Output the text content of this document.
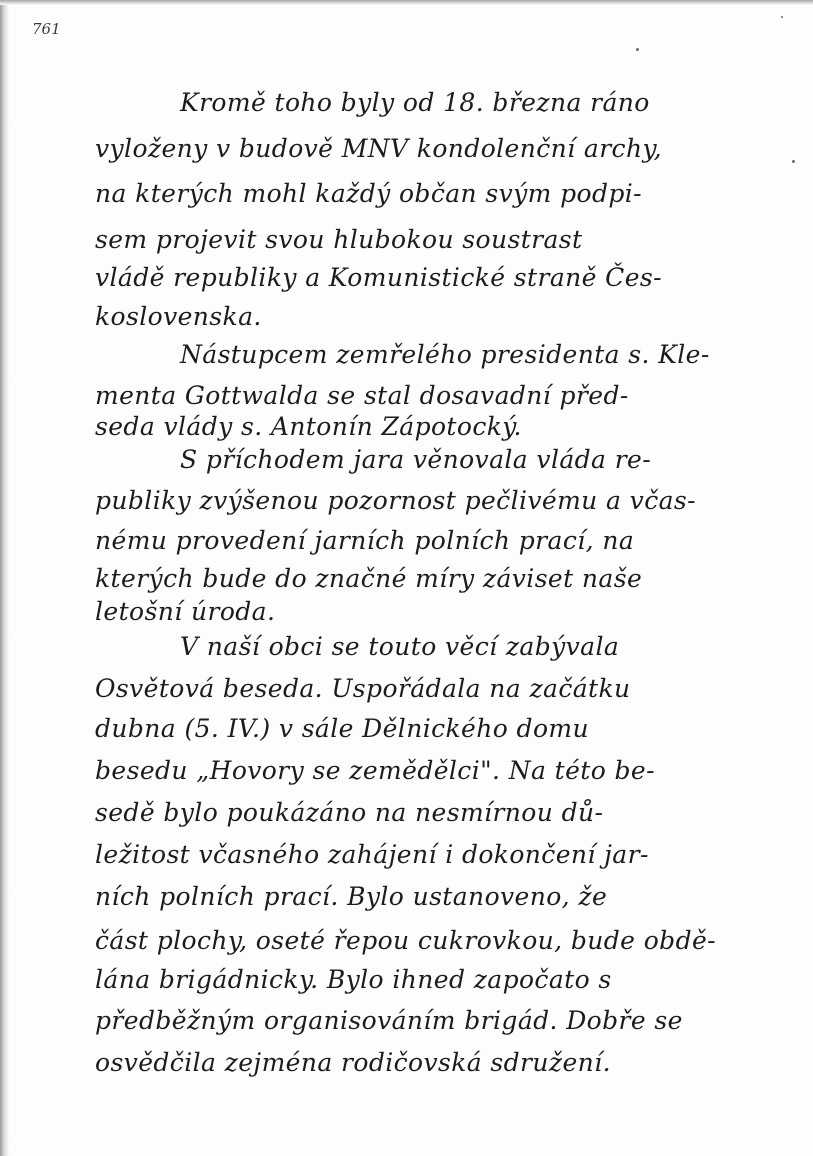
761
Kromě toho byly od 18. března ráno
vyloženy v budově MNV kondolenční archy,
na kterých mohl každý občan svým podpi-
sem projevit svou hlubokou soustrast
vládě republiky a Komunistické straně Čes-
koslovenska.
Nástupcem zemřelého presidenta s. Kle-
menta Gottwalda se stal dosavadní před-
seda vlády s. Antonín Zápotocký.
S příchodem jara věnovala vláda re-
publiky zvýšenou pozornost pečlivému a včas-
nému provedení jarních polních prací, na
kterých bude do značné míry záviset naše
letošní úroda.
V naší obci se touto věcí zabývala
Osvětová beseda. Uspořádala na začátku
dubna (5. IV.) v sále Dělnického domu
besedu „Hovory se zemědělci". Na této be-
sedě bylo poukázáno na nesmírnou dů-
ležitost včasného zahájení i dokončení jar-
ních polních prací. Bylo ustanoveno, že
část plochy, oseté řepou cukrovkou, bude obdě-
lána brigádnicky. Bylo ihned započato s
předběžným organisováním brigád. Dobře se
osvědčila zejména rodičovská sdružení.
